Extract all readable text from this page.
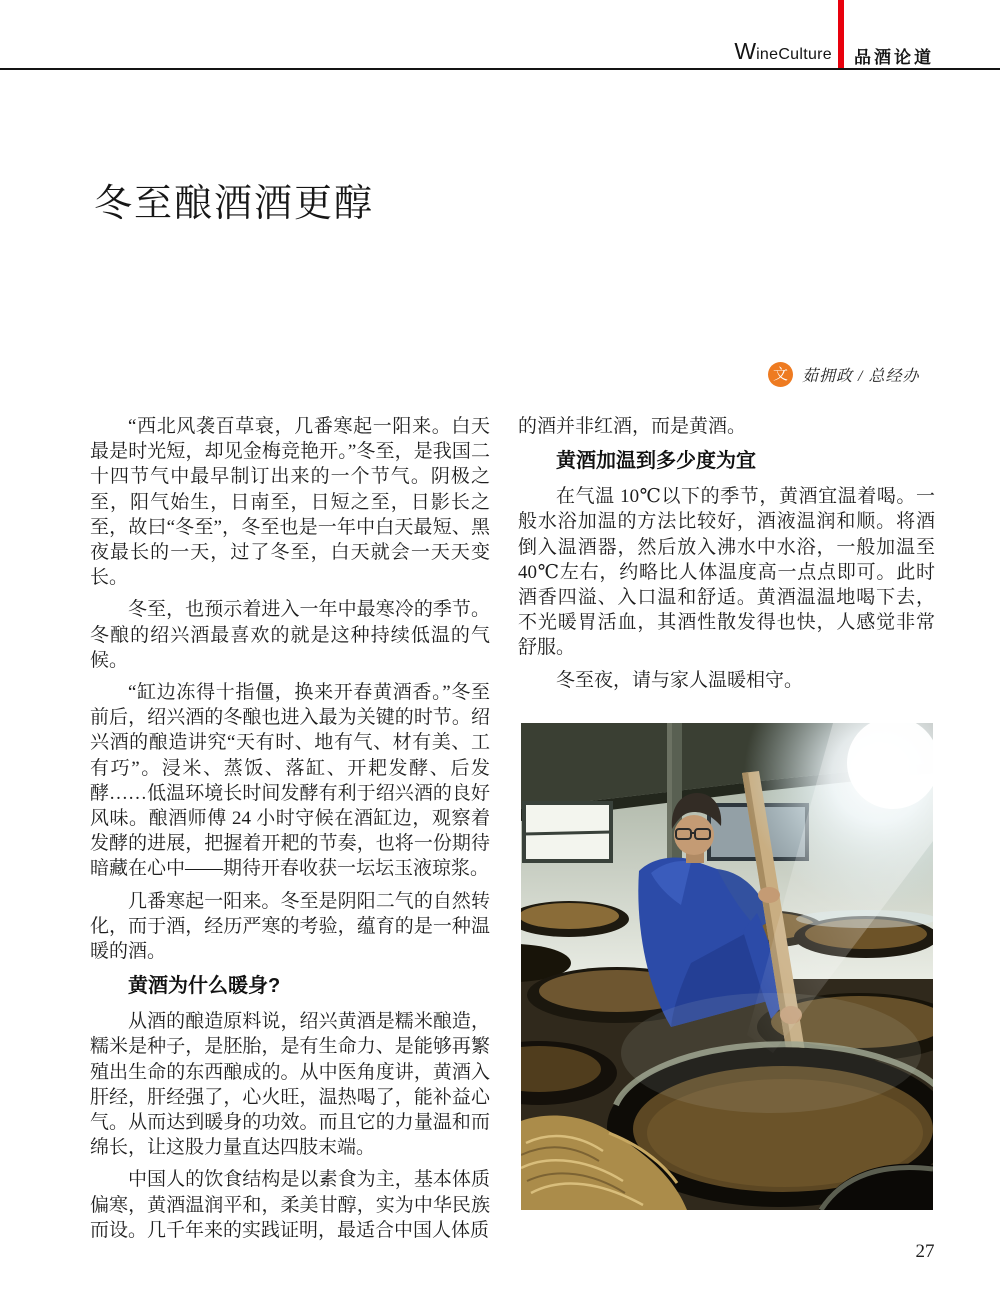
WineCulture 品酒论道
冬至酿酒酒更醇
文 茹拥政 / 总经办

“西北风袭百草衰，几番寒起一阳来。白天最是时光短，却见金梅竞艳开。”冬至，是我国二十四节气中最早制订出来的一个节气。阴极之至，阳气始生，日南至，日短之至，日影长之至，故曰“冬至”，冬至也是一年中白天最短、黑夜最长的一天，过了冬至，白天就会一天天变长。

冬至，也预示着进入一年中最寒冷的季节。冬酿的绍兴酒最喜欢的就是这种持续低温的气候。

“缸边冻得十指僵，换来开春黄酒香。”冬至前后，绍兴酒的冬酿也进入最为关键的时节。绍兴酒的酿造讲究“天有时、地有气、材有美、工有巧”。浸米、蒸饭、落缸、开耙发酵、后发酵……低温环境长时间发酵有利于绍兴酒的良好风味。酿酒师傅 24 小时守候在酒缸边，观察着发酵的进展，把握着开耙的节奏，也将一份期待暗藏在心中——期待开春收获一坛坛玉液琼浆。

几番寒起一阳来。冬至是阴阳二气的自然转化，而于酒，经历严寒的考验，蕴育的是一种温暖的酒。

黄酒为什么暖身?

从酒的酿造原料说，绍兴黄酒是糯米酿造，糯米是种子，是胚胎，是有生命力、是能够再繁殖出生命的东西酿成的。从中医角度讲，黄酒入肝经，肝经强了，心火旺，温热喝了，能补益心气。从而达到暖身的功效。而且它的力量温和而绵长，让这股力量直达四肢末端。

中国人的饮食结构是以素食为主，基本体质偏寒，黄酒温润平和，柔美甘醇，实为中华民族而设。几千年来的实践证明，最适合中国人体质

的酒并非红酒，而是黄酒。

黄酒加温到多少度为宜

在气温 10℃以下的季节，黄酒宜温着喝。一般水浴加温的方法比较好，酒液温润和顺。将酒倒入温酒器，然后放入沸水中水浴，一般加温至40℃左右，约略比人体温度高一点点即可。此时酒香四溢、入口温和舒适。黄酒温温地喝下去，不光暖胃活血，其酒性散发得也快，人感觉非常舒服。

冬至夜，请与家人温暖相守。

27
